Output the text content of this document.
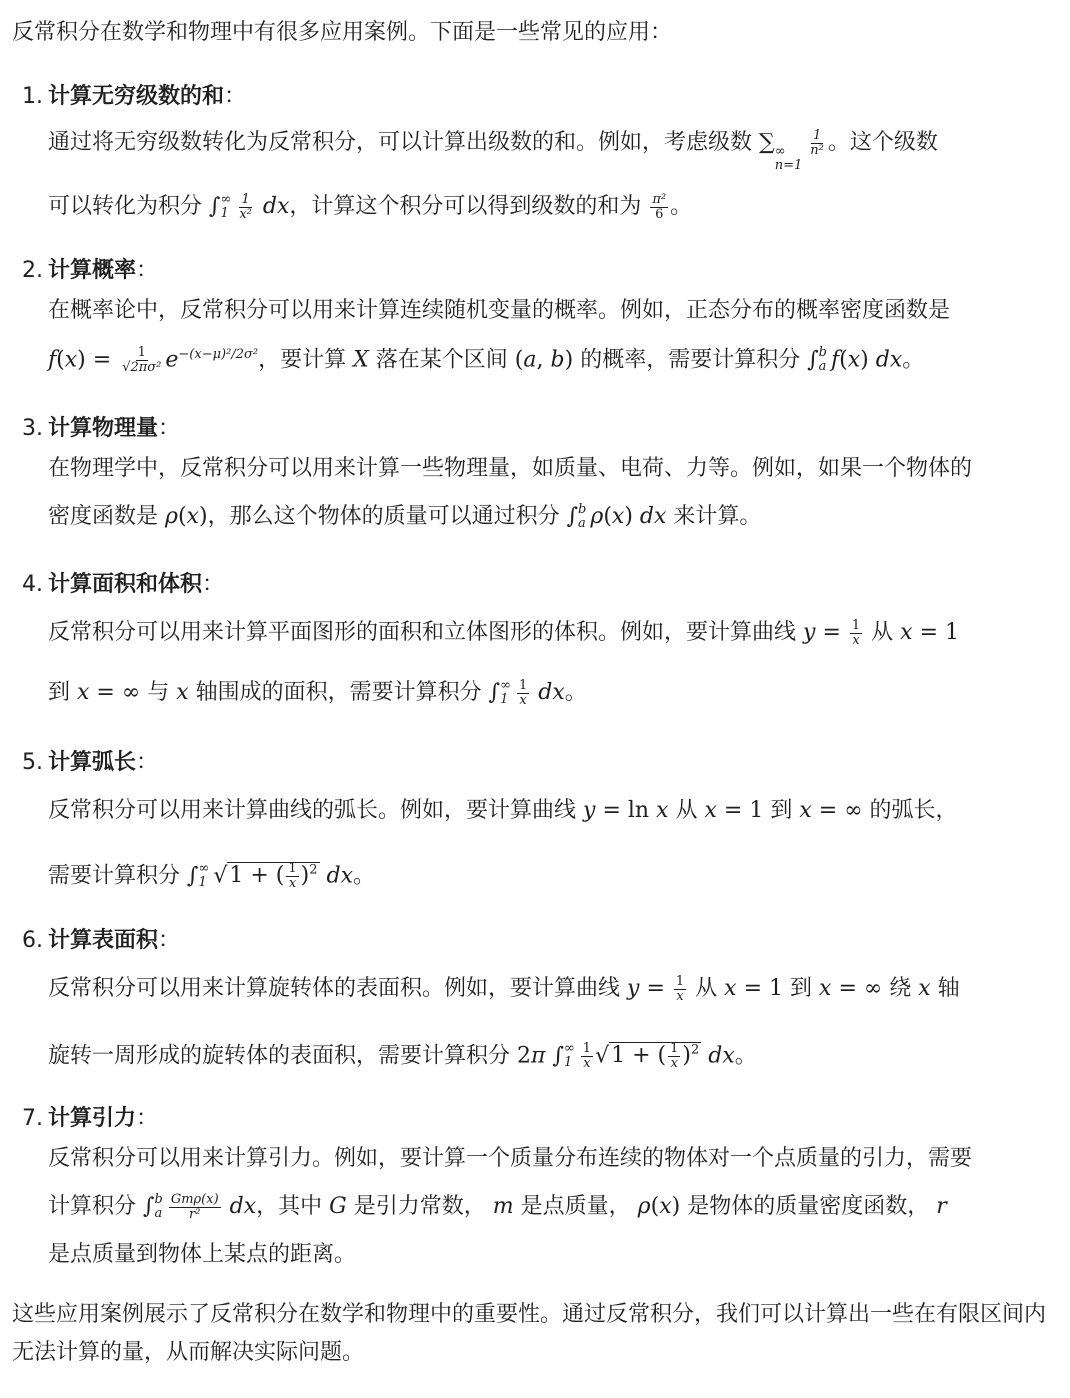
反常积分在数学和物理中有很多应用案例。下面是一些常见的应用：
1. 计算无穷级数的和：
通过将无穷级数转化为反常积分，可以计算出级数的和。例如，考虑级数 ∑ ∞
n=1
$\frac{1}{\text{n²}}$ 。这个级数
可以转化为积分 ∫ ∞
$1 \frac{1}{\text{x²}}$ dx，计算这个积分可以得到级数的和为 $\frac{\text{π²}}{6}$ 。
2. 计算概率：
在概率论中，反常积分可以用来计算连续随机变量的概率。例如，正态分布的概率密度函数是
$f(x) = \frac{1}{\text{√2πσ²}} e^{-(x-\mu)^2/2\sigma^2}$，要计算 X 落在某个区间 (a, b) 的概率，需要计算积分 ∫ b
a f(x) dx。
3. 计算物理量：
在物理学中，反常积分可以用来计算一些物理量，如质量、电荷、力等。例如，如果一个物体的
密度函数是 ρ(x)，那么这个物体的质量可以通过积分 ∫ b
a ρ(x) dx 来计算。
4. 计算面积和体积：
反常积分可以用来计算平面图形的面积和立体图形的体积。例如，要计算曲线 $y = \frac{1}{x}$ 从 x = 1
到 x = ∞ 与 x 轴围成的面积，需要计算积分 ∫ ∞
$1 \frac{1}{x}$ dx。
5. 计算弧长：
反常积分可以用来计算曲线的弧长。例如，要计算曲线 y = ln x 从 x = 1 到 x = ∞ 的弧长，
需要计算积分 ∫ ∞
1 √1 + ( $\frac{1}{x} )^2$ dx。
6. 计算表面积：
反常积分可以用来计算旋转体的表面积。例如，要计算曲线 $y = \frac{1}{x}$ 从 x = 1 到 x = ∞ 绕 x 轴
旋转一周形成的旋转体的表面积，需要计算积分 2π ∫ ∞
$1 \frac{1}{x} √1$ + ( $\frac{1}{x} )^2$ dx。
7. 计算引力：
反常积分可以用来计算引力。例如，要计算一个质量分布连续的物体对一个点质量的引力，需要
计算积分 ∫ b
a $\frac{\text{Gmρ(x)}}{\text{r²}}$ dx，其中 G 是引力常数， m 是点质量， ρ(x) 是物体的质量密度函数， r
是点质量到物体上某点的距离。
这些应用案例展示了反常积分在数学和物理中的重要性。通过反常积分，我们可以计算出一些在有限区间内无法计算的量，从而解决实际问题。
